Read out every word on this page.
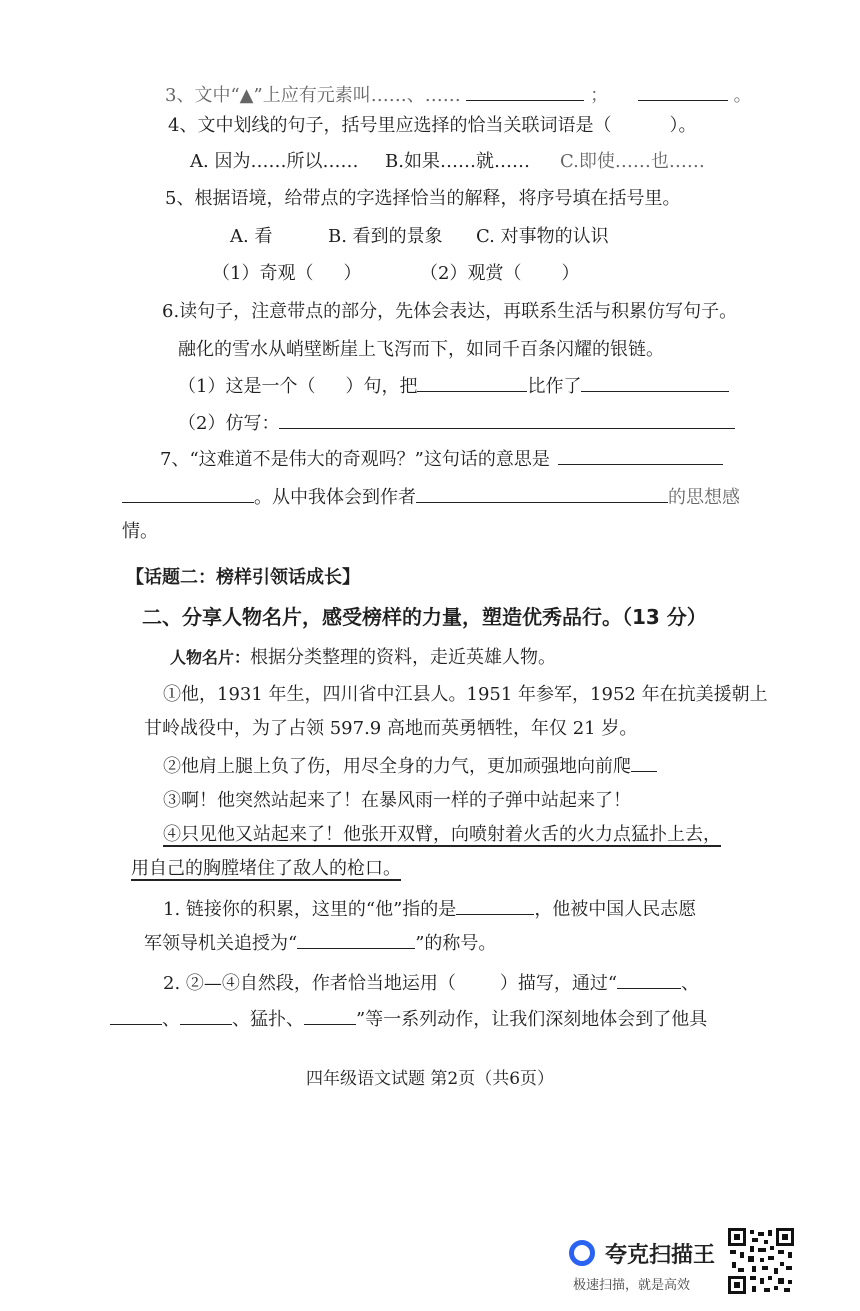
3、文中“▲”上应有元素叫……、……	；	。
4、文中划线的句子，括号里应选择的恰当关联词语是（	）。
A. 因为……所以…… B.如果……就…… C.即使……也……
5、根据语境，给带点的字选择恰当的解释，将序号填在括号里。
A. 看	B. 看到的景象 C. 对事物的认识
（1）奇观（ ）	（2）观赏（ ）
6.读句子，注意带点的部分，先体会表达，再联系生活与积累仿写句子。
融化的雪水从峭壁断崖上飞泻而下，如同千百条闪耀的银链。
（1）这是一个（ ）句，把	比作了
（2）仿写：
7、“这难道不是伟大的奇观吗？”这句话的意思是
。从中我体会到作者	的思想感
情。
【话题二：榜样引领话成长】
二、分享人物名片，感受榜样的力量，塑造优秀品行。（13 分）
人物名片：根据分类整理的资料，走近英雄人物。
①他，1931 年生，四川省中江县人。1951 年参军，1952 年在抗美援朝上
甘岭战役中，为了占领 597.9 高地而英勇牺牲，年仅 21 岁。
②他肩上腿上负了伤，用尽全身的力气，更加顽强地向前爬
③啊！他突然站起来了！在暴风雨一样的子弹中站起来了！
④只见他又站起来了！他张开双臂，向喷射着火舌的火力点猛扑上去，
用自己的胸膛堵住了敌人的枪口。
1. 链接你的积累，这里的“他”指的是	，他被中国人民志愿
军领导机关追授为“	”的称号。
2. ②—④自然段，作者恰当地运用（ ）描写，通过“	、
、	、猛扑、	”等一系列动作，让我们深刻地体会到了他具
四年级语文试题 第2页（共6页）
夸克扫描王
极速扫描，就是高效
